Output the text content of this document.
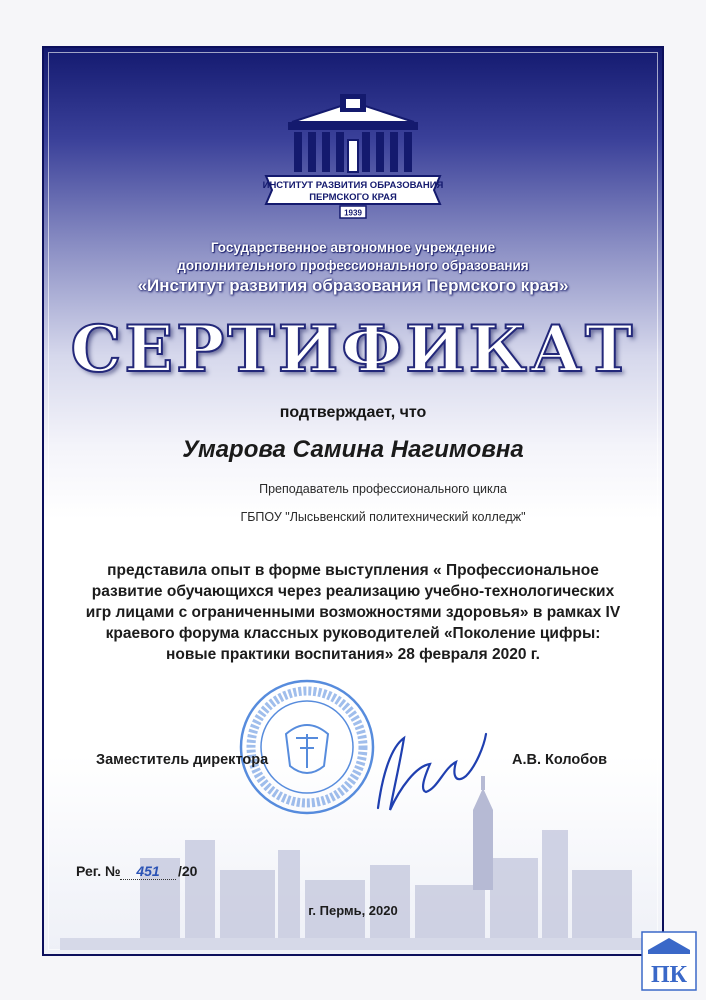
ИНСТИТУТ РАЗВИТИЯ ОБРАЗОВАНИЯ
ПЕРМСКОГО КРАЯ
1939
Государственное автономное учреждение
дополнительного профессионального образования
«Институт развития образования Пермского края»
СЕРТИФИКАТ
подтверждает, что
Умарова Самина Нагимовна
Преподаватель профессионального цикла
ГБПОУ "Лысьвенский политехнический колледж"
представила опыт в форме выступления « Профессиональное
развитие обучающихся через реализацию учебно-технологических
игр лицами с ограниченными возможностями здоровья» в рамках IV
краевого форума классных руководителей «Поколение цифры:
новые практики воспитания» 28 февраля 2020 г.
Заместитель директора	А.В. Колобов
Рег. №	451	/20
г. Пермь, 2020
ПК
